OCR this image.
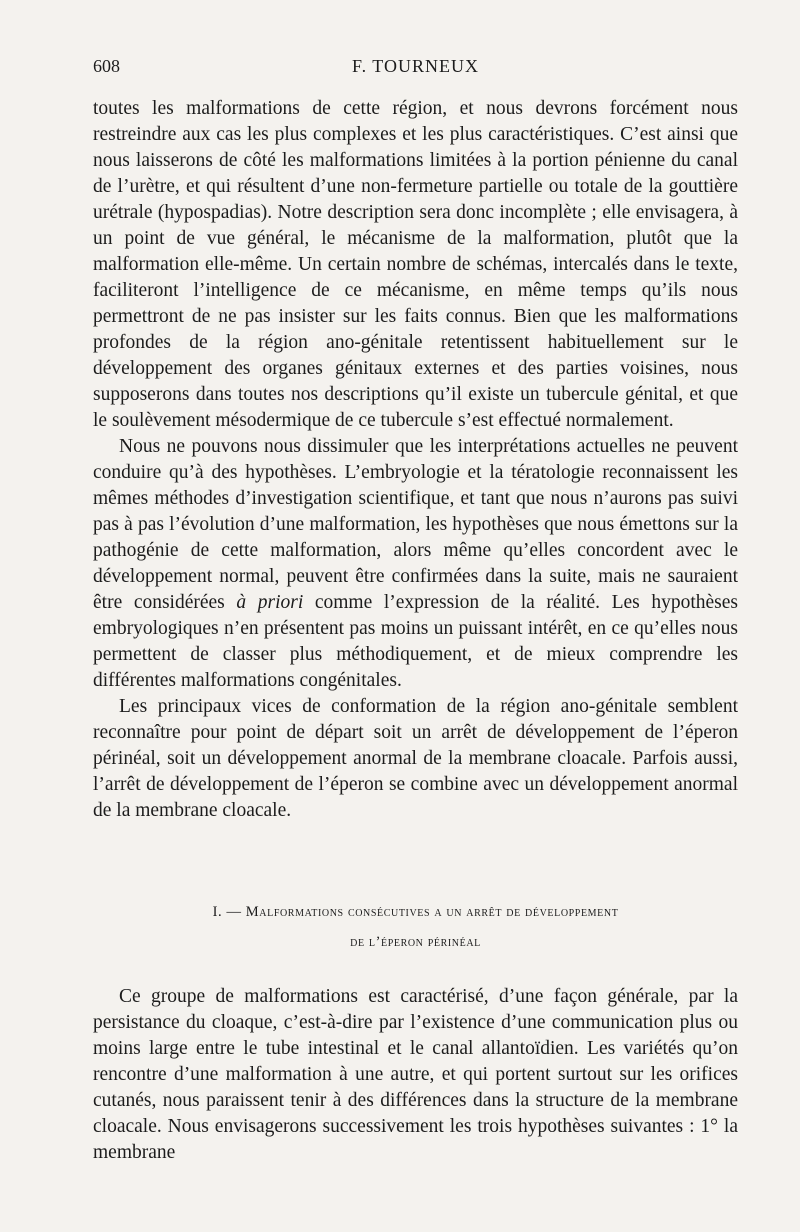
608	F. TOURNEUX

toutes les malformations de cette région, et nous devrons forcément nous restreindre aux cas les plus complexes et les plus caractéristiques. C’est ainsi que nous laisserons de côté les malformations limitées à la portion pénienne du canal de l’urètre, et qui résultent d’une non-fermeture partielle ou totale de la gouttière urétrale (hypospadias). Notre description sera donc incomplète ; elle envisagera, à un point de vue général, le mécanisme de la malformation, plutôt que la malformation elle-même. Un certain nombre de schémas, intercalés dans le texte, faciliteront l’intelligence de ce mécanisme, en même temps qu’ils nous permettront de ne pas insister sur les faits connus. Bien que les malformations profondes de la région ano-génitale retentissent habituellement sur le développement des organes génitaux externes et des parties voisines, nous supposerons dans toutes nos descriptions qu’il existe un tubercule génital, et que le soulèvement mésodermique de ce tubercule s’est effectué normalement.

Nous ne pouvons nous dissimuler que les interprétations actuelles ne peuvent conduire qu’à des hypothèses. L’embryologie et la tératologie reconnaissent les mêmes méthodes d’investigation scientifique, et tant que nous n’aurons pas suivi pas à pas l’évolution d’une malformation, les hypothèses que nous émettons sur la pathogénie de cette malformation, alors même qu’elles concordent avec le développement normal, peuvent être confirmées dans la suite, mais ne sauraient être considérées à priori comme l’expression de la réalité. Les hypothèses embryologiques n’en présentent pas moins un puissant intérêt, en ce qu’elles nous permettent de classer plus méthodiquement, et de mieux comprendre les différentes malformations congénitales.

Les principaux vices de conformation de la région ano-génitale semblent reconnaître pour point de départ soit un arrêt de développement de l’éperon périnéal, soit un développement anormal de la membrane cloacale. Parfois aussi, l’arrêt de développement de l’éperon se combine avec un développement anormal de la membrane cloacale.

I. — Malformations consécutives a un arrêt de développement
de l’éperon périnéal

Ce groupe de malformations est caractérisé, d’une façon générale, par la persistance du cloaque, c’est-à-dire par l’existence d’une communication plus ou moins large entre le tube intestinal et le canal allantoïdien. Les variétés qu’on rencontre d’une malformation à une autre, et qui portent surtout sur les orifices cutanés, nous paraissent tenir à des différences dans la structure de la membrane cloacale. Nous envisagerons successivement les trois hypothèses suivantes : 1° la membrane
